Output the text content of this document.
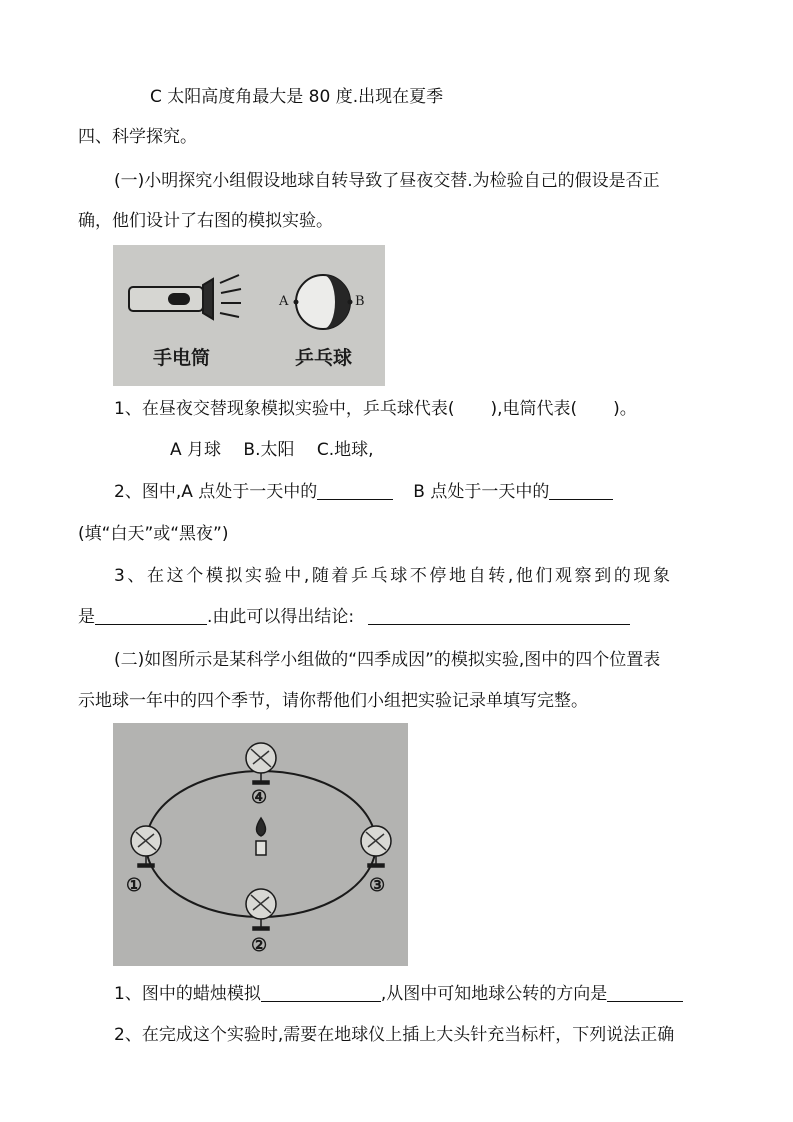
C 太阳高度角最大是 80 度.出现在夏季
四、科学探究。
(一)小明探究小组假设地球自转导致了昼夜交替.为检验自己的假设是否正
确，他们设计了右图的模拟实验。
A	B
手电筒	乒乓球
1、在昼夜交替现象模拟实验中，乒乓球代表( ),电筒代表( )。
A 月球　 B.太阳　 C.地球,
2、图中,A 点处于一天中的	B 点处于一天中的
(填“白天”或“黑夜”)
3、在这个模拟实验中,随着乒乓球不停地自转,他们观察到的现象
是	.由此可以得出结论:
(二)如图所示是某科学小组做的“四季成因”的模拟实验,图中的四个位置表
示地球一年中的四个季节，请你帮他们小组把实验记录单填写完整。
④
①	③
②
1、图中的蜡烛模拟	,从图中可知地球公转的方向是
2、在完成这个实验时,需要在地球仪上插上大头针充当标杆，下列说法正确
